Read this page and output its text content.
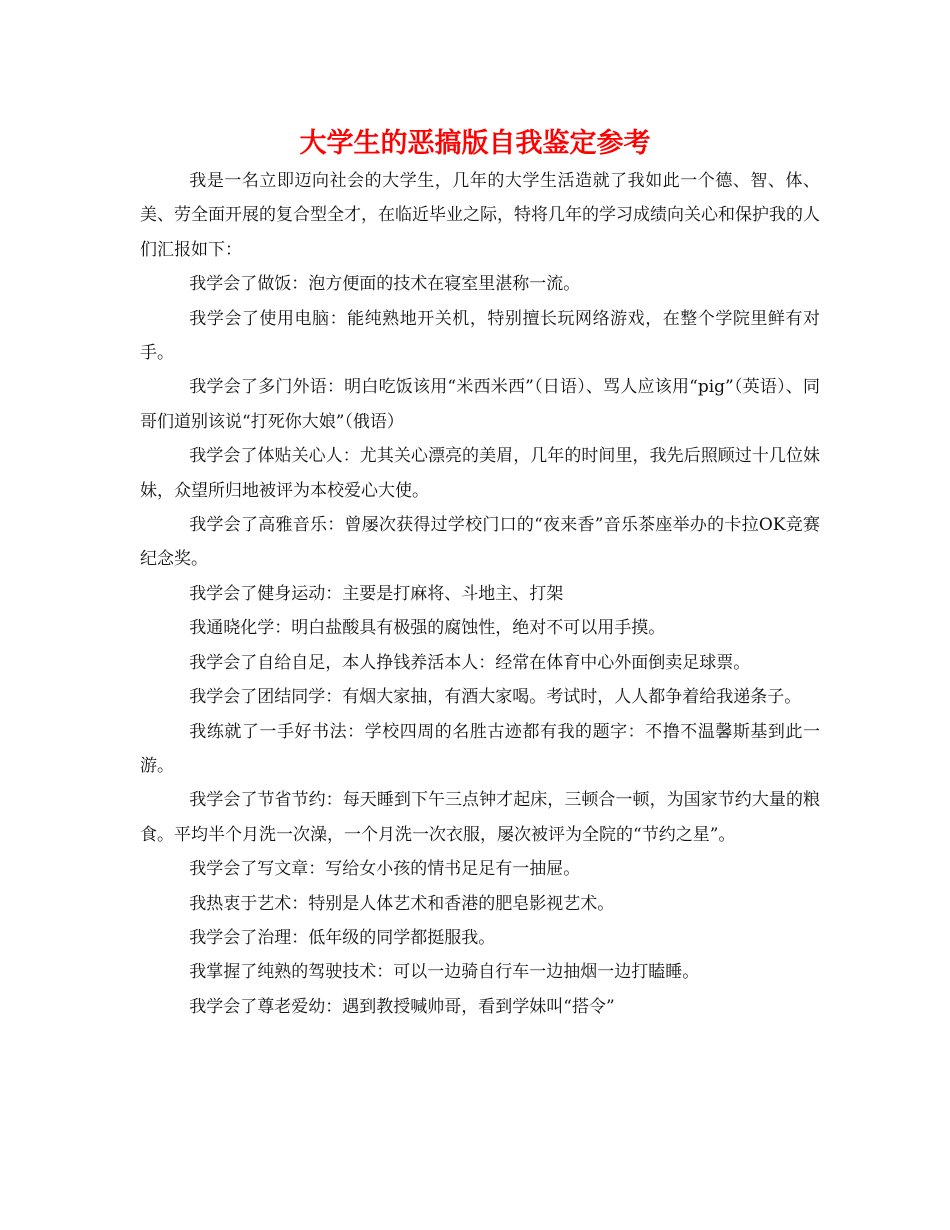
大学生的恶搞版自我鉴定参考

我是一名立即迈向社会的大学生，几年的大学生活造就了我如此一个德、智、体、美、劳全面开展的复合型全才，在临近毕业之际，特将几年的学习成绩向关心和保护我的人们汇报如下：

我学会了做饭：泡方便面的技术在寝室里湛称一流。

我学会了使用电脑：能纯熟地开关机，特别擅长玩网络游戏，在整个学院里鲜有对手。

我学会了多门外语：明白吃饭该用“米西米西”（日语）、骂人应该用“pig”（英语）、同哥们道别该说“打死你大娘”（俄语）

我学会了体贴关心人：尤其关心漂亮的美眉，几年的时间里，我先后照顾过十几位妹妹，众望所归地被评为本校爱心大使。

我学会了高雅音乐：曾屡次获得过学校门口的“夜来香”音乐茶座举办的卡拉OK竞赛纪念奖。

我学会了健身运动：主要是打麻将、斗地主、打架

我通晓化学：明白盐酸具有极强的腐蚀性，绝对不可以用手摸。

我学会了自给自足，本人挣钱养活本人：经常在体育中心外面倒卖足球票。

我学会了团结同学：有烟大家抽，有酒大家喝。考试时，人人都争着给我递条子。

我练就了一手好书法：学校四周的名胜古迹都有我的题字：不撸不温馨斯基到此一游。

我学会了节省节约：每天睡到下午三点钟才起床，三顿合一顿，为国家节约大量的粮食。平均半个月洗一次澡，一个月洗一次衣服，屡次被评为全院的“节约之星”。

我学会了写文章：写给女小孩的情书足足有一抽屉。

我热衷于艺术：特别是人体艺术和香港的肥皂影视艺术。

我学会了治理：低年级的同学都挺服我。

我掌握了纯熟的驾驶技术：可以一边骑自行车一边抽烟一边打瞌睡。

我学会了尊老爱幼：遇到教授喊帅哥，看到学妹叫“搭令”
